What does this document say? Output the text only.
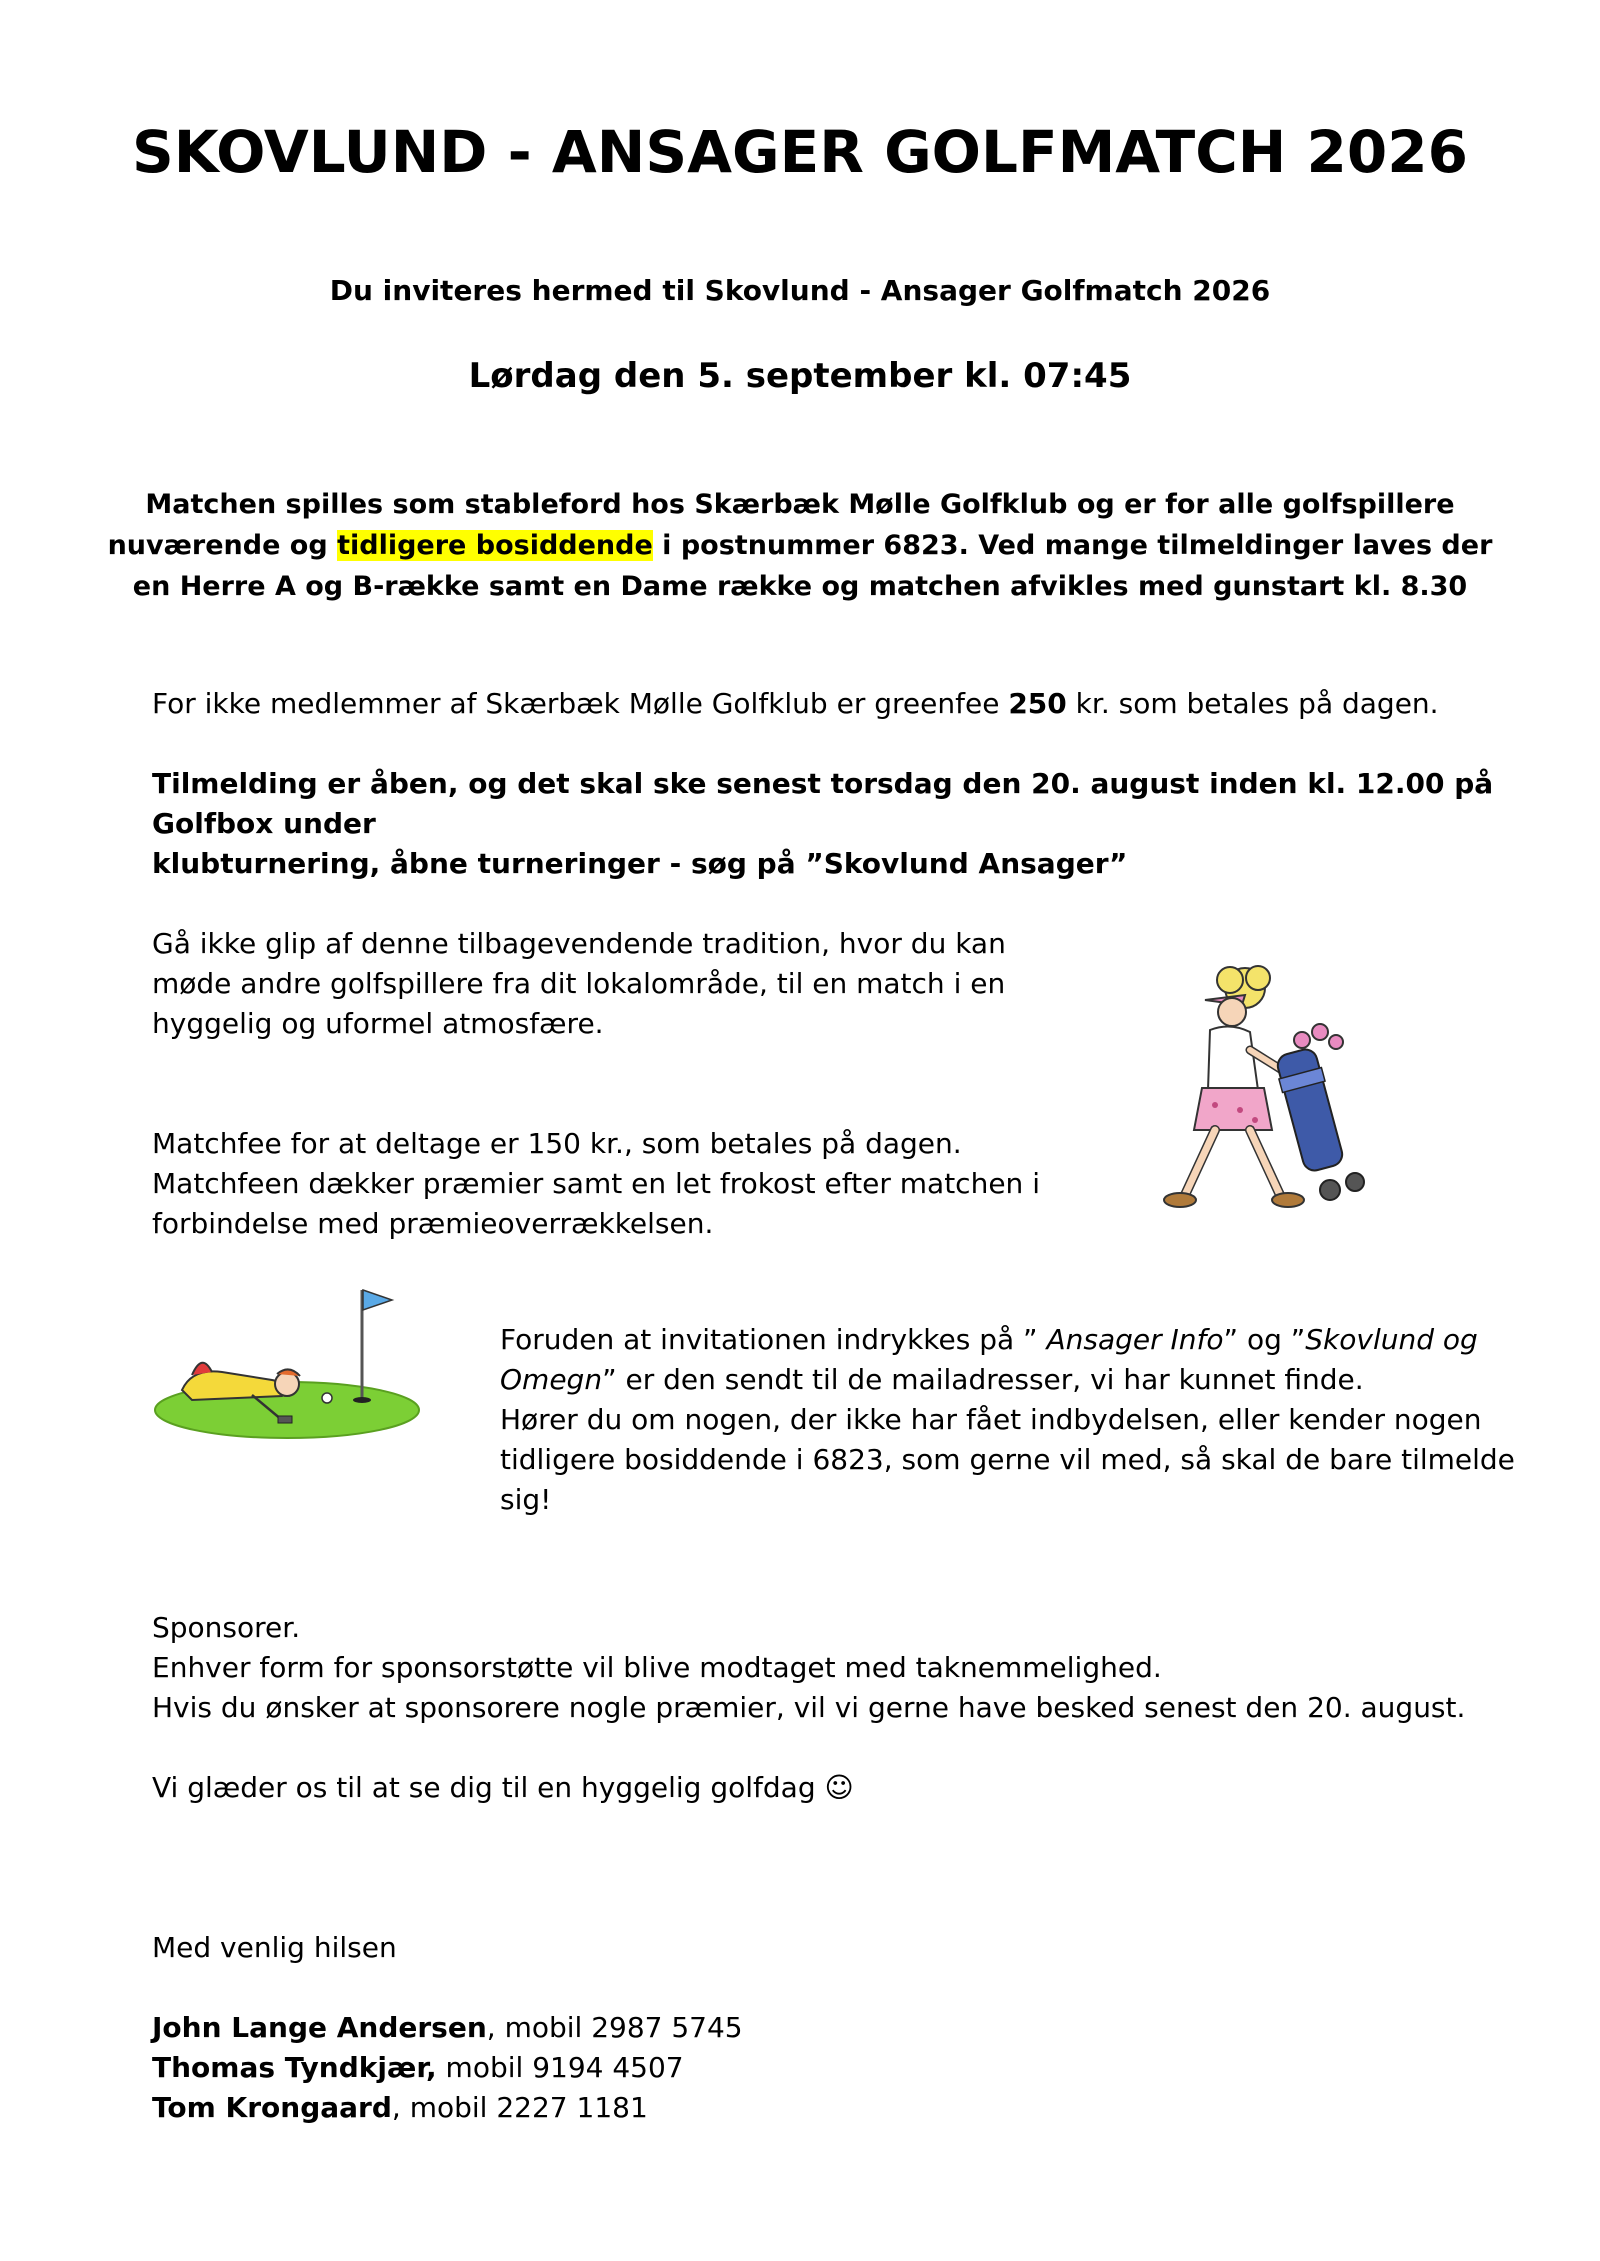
SKOVLUND - ANSAGER GOLFMATCH 2026
Du inviteres hermed til Skovlund - Ansager Golfmatch 2026
Lørdag den 5. september kl. 07:45
Matchen spilles som stableford hos Skærbæk Mølle Golfklub og er for alle golfspillere
nuværende og tidligere bosiddende i postnummer 6823. Ved mange tilmeldinger laves der
en Herre A og B-række samt en Dame række og matchen afvikles med gunstart kl. 8.30
For ikke medlemmer af Skærbæk Mølle Golfklub er greenfee 250 kr. som betales på dagen.
Tilmelding er åben, og det skal ske senest torsdag den 20. august inden kl. 12.00 på Golfbox under
klubturnering, åbne turneringer - søg på ”Skovlund Ansager”
Gå ikke glip af denne tilbagevendende tradition, hvor du kan
møde andre golfspillere fra dit lokalområde, til en match i en
hyggelig og uformel atmosfære.
Matchfee for at deltage er 150 kr., som betales på dagen.
Matchfeen dækker præmier samt en let frokost efter matchen i
forbindelse med præmieoverrækkelsen.
Foruden at invitationen indrykkes på ” Ansager Info” og ”Skovlund og
Omegn” er den sendt til de mailadresser, vi har kunnet finde.
Hører du om nogen, der ikke har fået indbydelsen, eller kender nogen
tidligere bosiddende i 6823, som gerne vil med, så skal de bare tilmelde
sig!
Sponsorer.
Enhver form for sponsorstøtte vil blive modtaget med taknemmelighed.
Hvis du ønsker at sponsorere nogle præmier, vil vi gerne have besked senest den 20. august.
Vi glæder os til at se dig til en hyggelig golfdag ☺
Med venlig hilsen
John Lange Andersen, mobil 2987 5745
Thomas Tyndkjær, mobil 9194 4507
Tom Krongaard, mobil 2227 1181
